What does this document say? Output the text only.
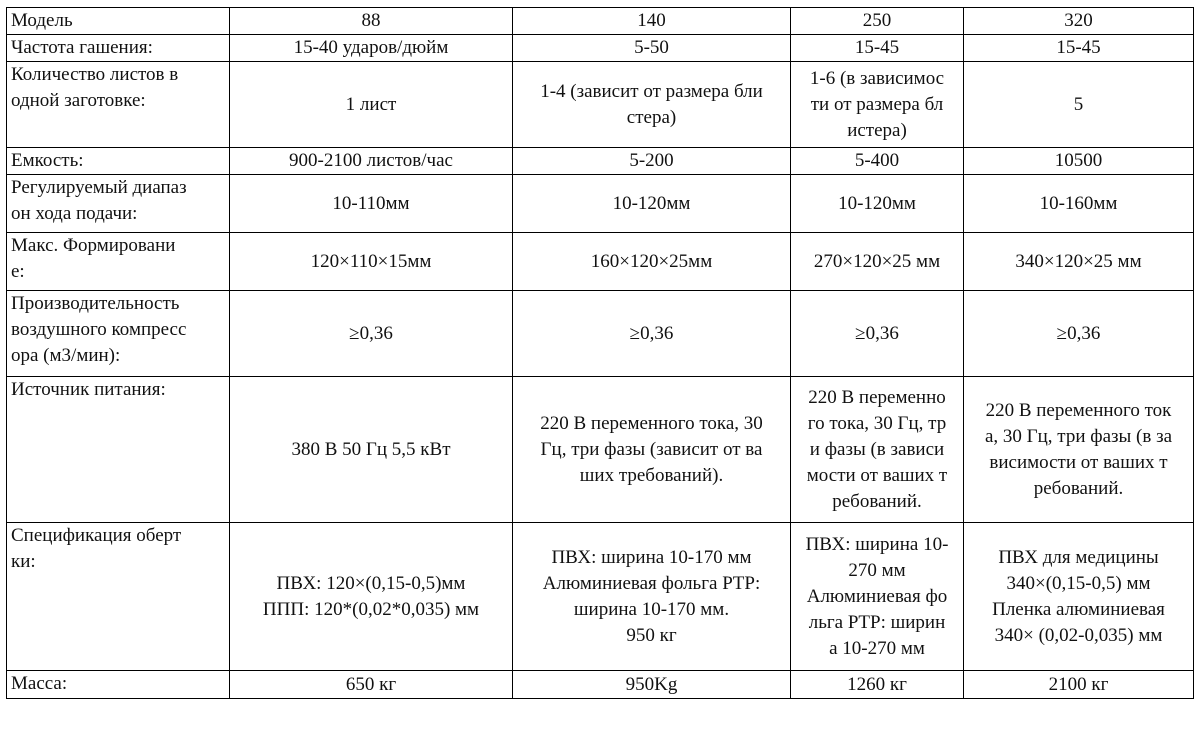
Модель	88	140	250	320

Частота гашения:	15-40 ударов/дюйм	5-50	15-45	15-45

Количество листов в
одной заготовке:	1 лист	1-4 (зависит от размера бли
стера)	1-6 (в зависимос
ти от размера бл
истера)	5

Емкость:	900-2100 листов/час	5-200	5-400	10500

Регулируемый диапаз
он хода подачи:	10-110мм	10-120мм	10-120мм	10-160мм

Макс. Формировани
е:	120×110×15мм	160×120×25мм	270×120×25 мм	340×120×25 мм

Производительность
воздушного компресс
ора (м3/мин):	≥0,36	≥0,36	≥0,36	≥0,36

Источник питания:	380 В 50 Гц 5,5 кВт	220 В переменного тока, 30
Гц, три фазы (зависит от ва
ших требований).	220 В переменно
го тока, 30 Гц, тр
и фазы (в зависи
мости от ваших т
ребований.	220 В переменного ток
а, 30 Гц, три фазы (в за
висимости от ваших т
ребований.

Спецификация оберт
ки:	ПВХ: 120×(0,15-0,5)мм
ППП: 120*(0,02*0,035) мм	ПВХ: ширина 10-170 мм
Алюминиевая фольга PTP:
ширина 10-170 мм.
950 кг	ПВХ: ширина 10-
270 мм
Алюминиевая фо
льга PTP: ширин
а 10-270 мм	ПВХ для медицины
340×(0,15-0,5) мм
Пленка алюминиевая
340× (0,02-0,035) мм

Масса:	650 кг	950Kg	1260 кг	2100 кг
